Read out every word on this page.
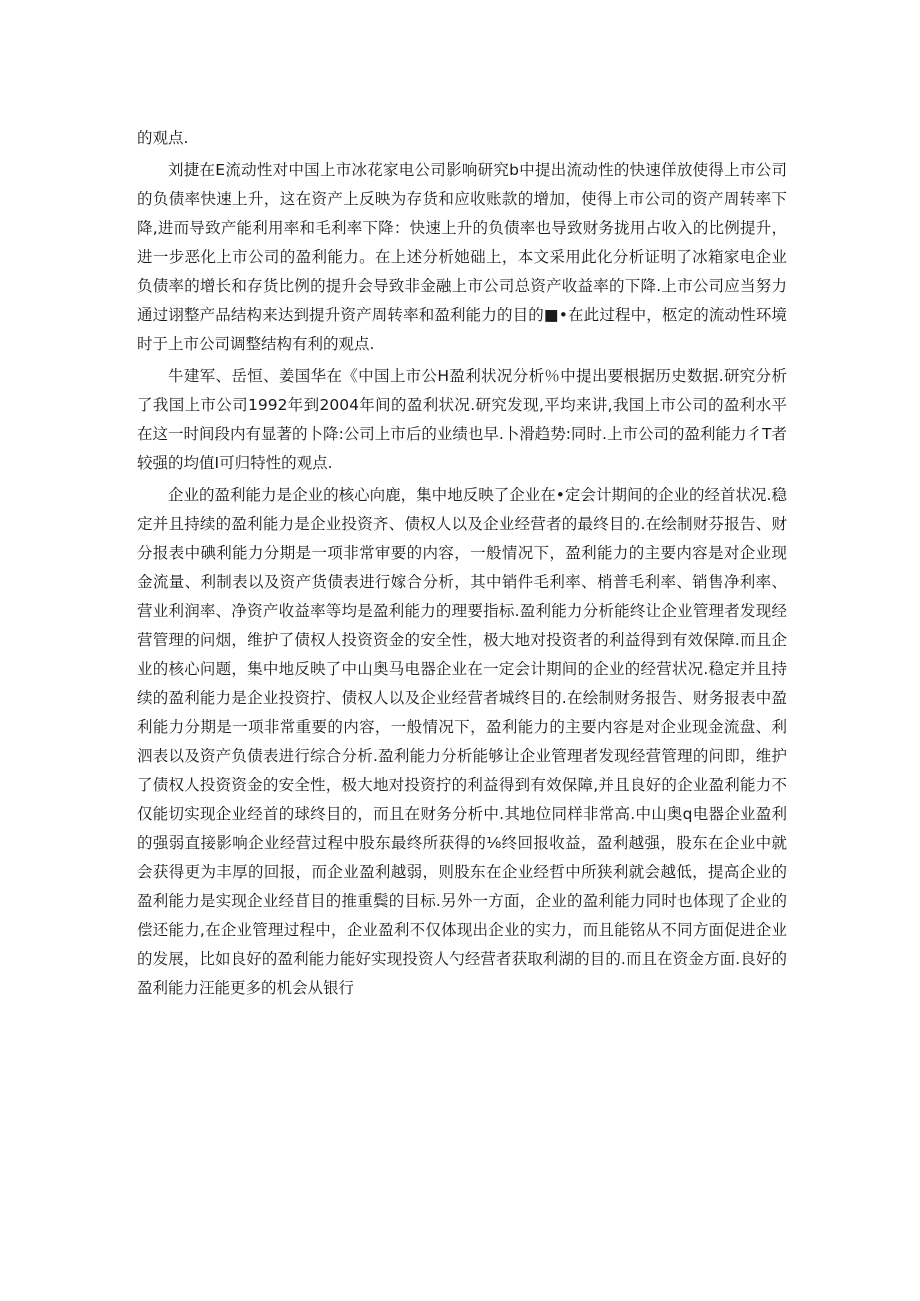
的观点.

刘捷在E流动性对中国上市冰花家电公司影响研究b中提出流动性的快速佯放使得上市公司的负债率快速上升，这在资产上反映为存货和应收账款的增加，使得上市公司的资产周转率下降,进而导致产能利用率和毛利率下降：快速上升的负债率也导致财务拢用占收入的比例提升，进一步恶化上市公司的盈利能力。在上述分析她础上，本文采用此化分析证明了冰箱家电企业负债率的增长和存货比例的提升会导致非金融上市公司总资产收益率的下降.上市公司应当努力通过诩整产品结构来达到提升资产周转率和盈利能力的目的■•在此过程中，柩定的流动性环境时于上市公司调整结构有利的观点.

牛建军、岳恒、姜国华在《中国上市公H盈利状况分析％中提出要根据历史数据.研究分析了我国上市公司1992年到2004年间的盈利状况.研究发现,平均来讲,我国上市公司的盈利水平在这一时间段内有显著的卜降:公司上市后的业绩也早.卜滑趋势:同时.上市公司的盈利能力彳T者较强的均值I可归特性的观点.

企业的盈利能力是企业的核心向鹿，集中地反映了企业在•定会计期间的企业的经首状况.稳定并且持续的盈利能力是企业投资齐、债权人以及企业经营者的最终目的.在绘制财芬报告、财分报表中碘利能力分期是一项非常审要的内容，一般情况下，盈利能力的主要内容是对企业现金流量、利制表以及资产货债表进行嫁合分析，其中销件毛利率、梢普毛利率、销售净利率、营业利润率、净资产收益率等均是盈利能力的理要指标.盈利能力分析能终让企业管理者发现经营管理的问烟，维护了债权人投资资金的安全性，极大地对投资者的利益得到有效保障.而且企业的核心问题，集中地反映了中山奥马电器企业在一定会计期间的企业的经营状况.稳定并且持续的盈利能力是企业投资拧、债权人以及企业经营者城终目的.在绘制财务报告、财务报表中盈利能力分期是一项非常重要的内容，一般情况下，盈利能力的主要内容是对企业现金流盘、利泗表以及资产负债表进行综合分析.盈利能力分析能够让企业管理者发现经营管理的问即，维护了债权人投资资金的安全性，极大地对投资拧的利益得到有效保障,并且良好的企业盈利能力不仅能切实现企业经首的球终目的，而且在财务分析中.其地位同样非常高.中山奥q电器企业盈利的强弱直接影响企业经营过程中股东最终所获得的⅛终回报收益，盈利越强，股东在企业中就会获得更为丰厚的回报，而企业盈利越弱，则股东在企业经哲中所狭利就会越低，提高企业的盈利能力是实现企业经苜目的推重鬓的目标.另外一方面，企业的盈利能力同时也体现了企业的偿还能力,在企业管理过程中，企业盈利不仅体现出企业的实力，而且能铭从不同方面促进企业的发展，比如良好的盈利能力能好实现投资人勺经营者获取利湖的目的.而且在资金方面.良好的盈利能力汪能更多的机会从银行
